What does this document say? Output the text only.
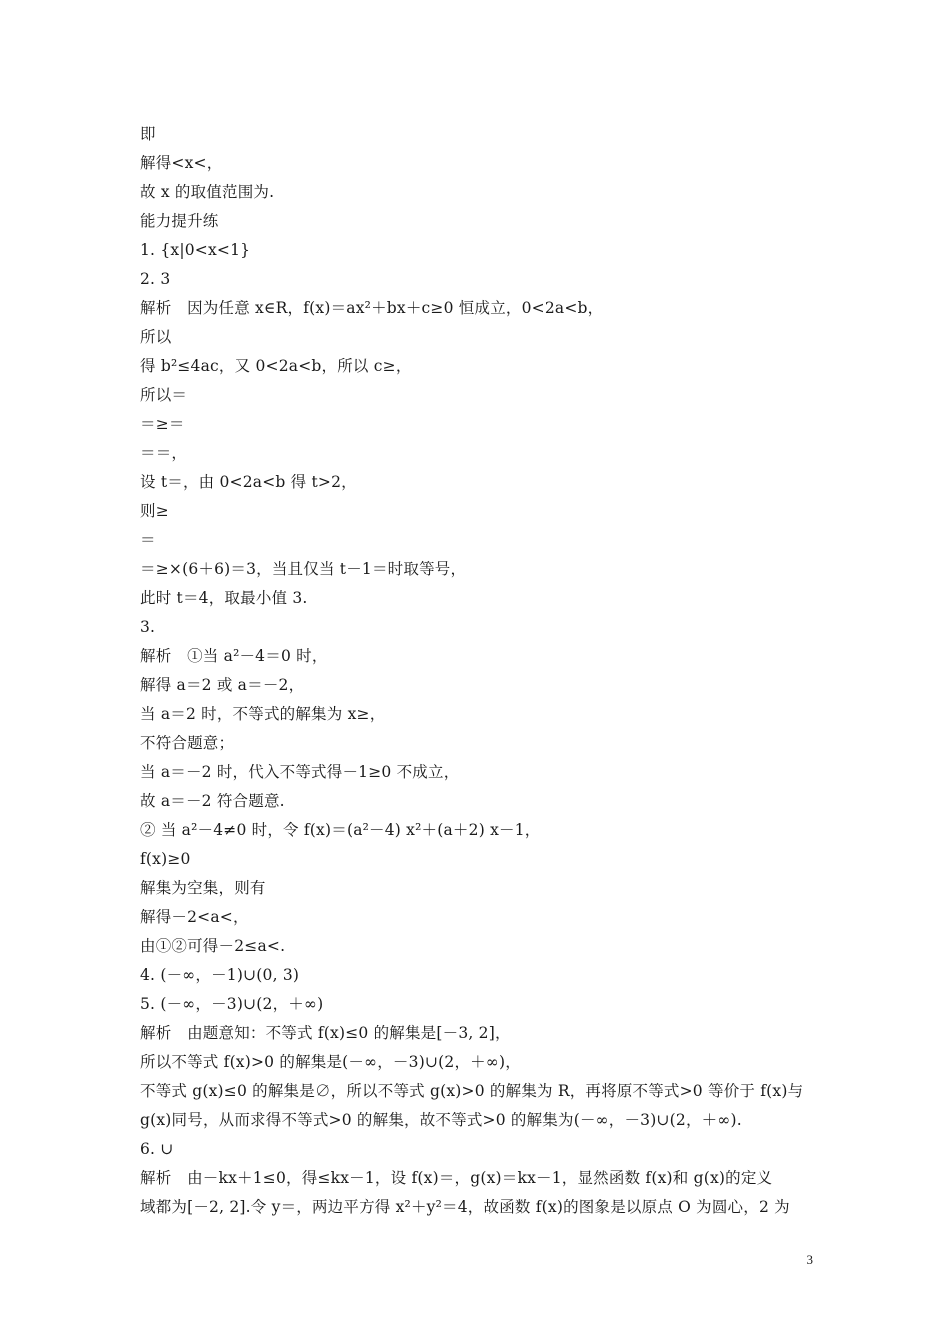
即
解得<x<，
故 x 的取值范围为.
能力提升练
1. {x|0<x<1}
2. 3
解析　因为任意 x∈R，f(x)＝ax²＋bx＋c≥0 恒成立，0<2a<b，
所以
得 b²≤4ac，又 0<2a<b，所以 c≥，
所以＝
＝≥＝
＝＝，
设 t＝，由 0<2a<b 得 t>2，
则≥
＝
＝≥×(6＋6)＝3，当且仅当 t－1＝时取等号，
此时 t＝4，取最小值 3.
3.
解析　①当 a²－4＝0 时，
解得 a＝2 或 a＝－2，
当 a＝2 时，不等式的解集为 x≥，
不符合题意；
当 a＝－2 时，代入不等式得－1≥0 不成立，
故 a＝－2 符合题意.
② 当 a²－4≠0 时，令 f(x)＝(a²－4) x²＋(a＋2) x－1，
f(x)≥0
解集为空集，则有
解得－2<a<，
由①②可得－2≤a<.
4. (－∞，－1)∪(0, 3)
5. (－∞，－3)∪(2，＋∞)
解析　由题意知：不等式 f(x)≤0 的解集是[－3, 2]，
所以不等式 f(x)>0 的解集是(－∞，－3)∪(2，＋∞)，
不等式 g(x)≤0 的解集是∅，所以不等式 g(x)>0 的解集为 R，再将原不等式>0 等价于 f(x)与
g(x)同号，从而求得不等式>0 的解集，故不等式>0 的解集为(－∞，－3)∪(2，＋∞).
6. ∪
解析　由－kx＋1≤0，得≤kx－1，设 f(x)＝，g(x)＝kx－1，显然函数 f(x)和 g(x)的定义
域都为[－2, 2].令 y＝，两边平方得 x²＋y²＝4，故函数 f(x)的图象是以原点 O 为圆心，2 为
3
